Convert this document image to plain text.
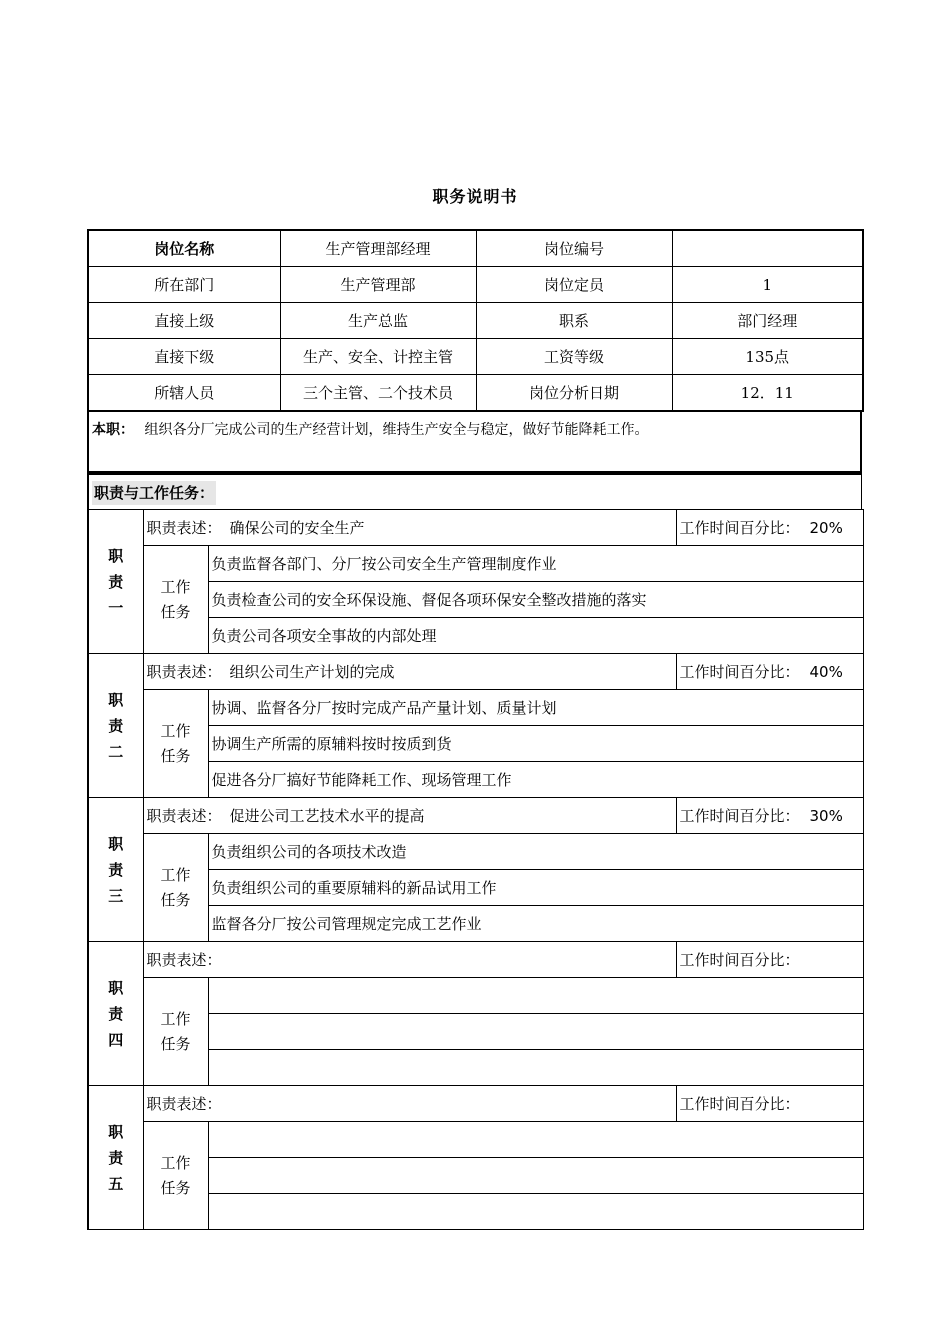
职务说明书
岗位名称	生产管理部经理	岗位编号	
所在部门	生产管理部	岗位定员	1
直接上级	生产总监	职系	部门经理
直接下级	生产、安全、计控主管	工资等级	135点
所辖人员	三个主管、二个技术员	岗位分析日期	12．11
本职： 组织各分厂完成公司的生产经营计划，维持生产安全与稳定，做好节能降耗工作。
职责与工作任务：
职责一	职责表述： 确保公司的安全生产		工作时间百分比： 20%

	工作任务	负责监督各部门、分厂按公司安全生产管理制度作业	
		负责检查公司的安全环保设施、督促各项环保安全整改措施的落实	
		负责公司各项安全事故的内部处理	

职责二	职责表述： 组织公司生产计划的完成		工作时间百分比： 40%

	工作任务	协调、监督各分厂按时完成产品产量计划、质量计划	
		协调生产所需的原辅料按时按质到货	
		促进各分厂搞好节能降耗工作、现场管理工作	

职责三	职责表述： 促进公司工艺技术水平的提高		工作时间百分比： 30%

	工作任务	负责组织公司的各项技术改造	
		负责组织公司的重要原辅料的新品试用工作	
		监督各分厂按公司管理规定完成工艺作业	

职责四	职责表述：		工作时间百分比：

	工作任务		

职责五	职责表述：		工作时间百分比：

	工作任务		
